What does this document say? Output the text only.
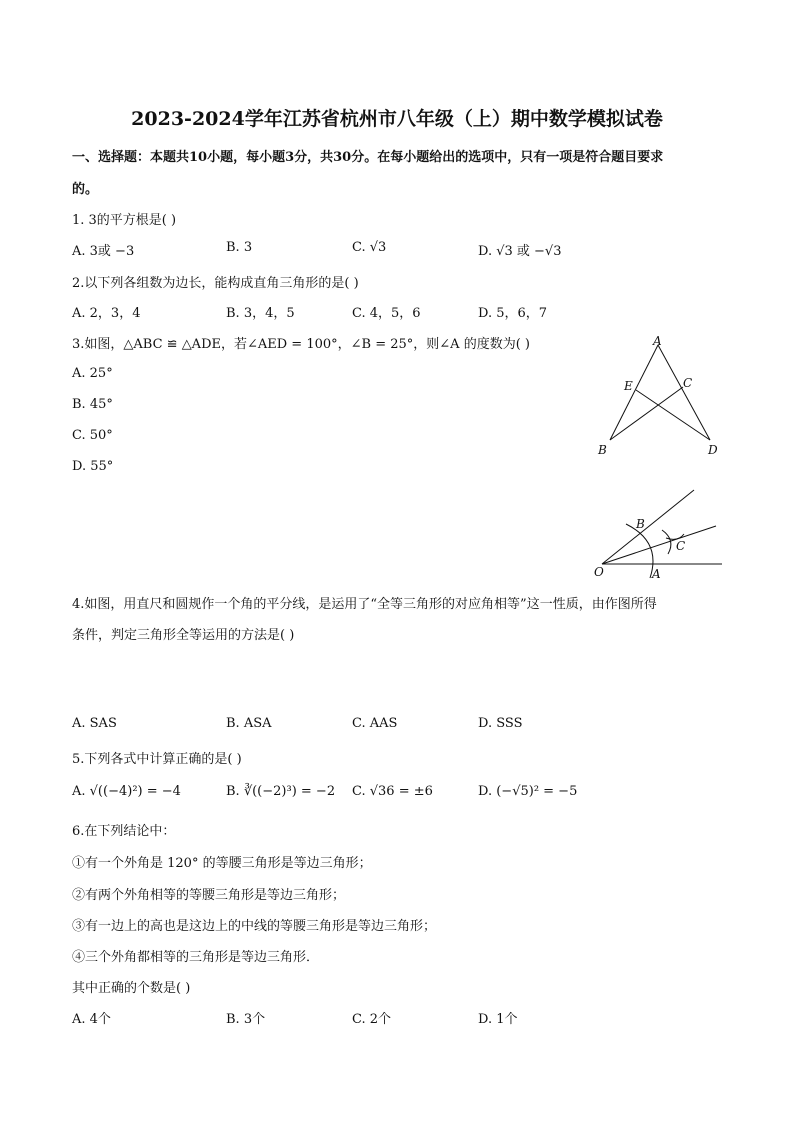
2023-2024学年江苏省杭州市八年级（上）期中数学模拟试卷
一、选择题：本题共10小题，每小题3分，共30分。在每小题给出的选项中，只有一项是符合题目要求
的。
1. 3的平方根是( )
A. 3或 −3	B. 3	C. √3	D. √3 或 −√3
2.以下列各组数为边长，能构成直角三角形的是( )
A. 2，3，4	B. 3，4，5	C. 4，5，6	D. 5，6，7
3.如图，△ABC ≌ △ADE，若∠AED = 100°，∠B = 25°，则∠A 的度数为( )
A. 25°
B. 45°
C. 50°
D. 55°
A
B
C
D
E
O	A
B
C
4.如图，用直尺和圆规作一个角的平分线，是运用了“全等三角形的对应角相等”这一性质，由作图所得
条件，判定三角形全等运用的方法是( )
A. SAS	B. ASA	C. AAS	D. SSS
5.下列各式中计算正确的是( )
A. √((−4)²) = −4	B. ∛((−2)³) = −2 C. √36 = ±6	D. (−√5)² = −5
6.在下列结论中：
①有一个外角是 120° 的等腰三角形是等边三角形；
②有两个外角相等的等腰三角形是等边三角形；
③有一边上的高也是这边上的中线的等腰三角形是等边三角形；
④三个外角都相等的三角形是等边三角形．
其中正确的个数是( )
A. 4个	B. 3个	C. 2个	D. 1个
